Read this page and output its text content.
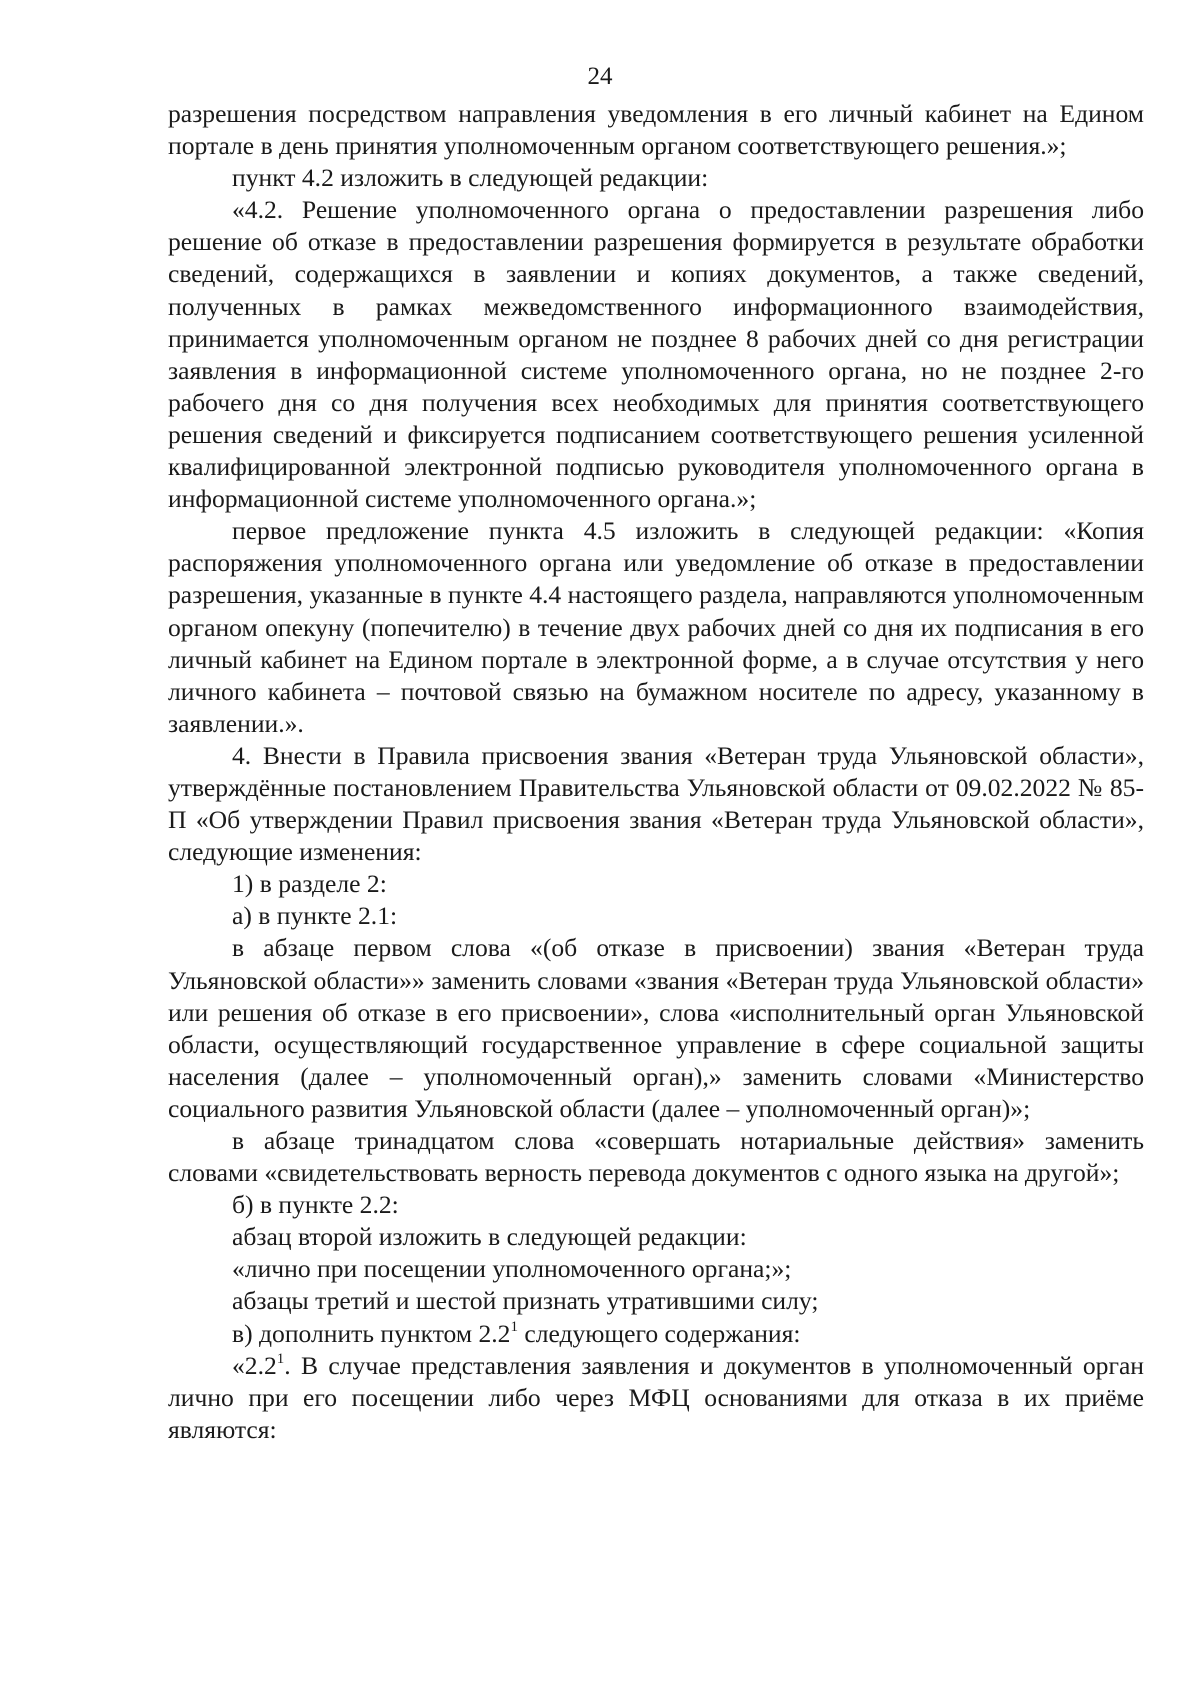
24

разрешения посредством направления уведомления в его личный кабинет на Едином портале в день принятия уполномоченным органом соответствующего решения.»;

пункт 4.2 изложить в следующей редакции:

«4.2. Решение уполномоченного органа о предоставлении разрешения либо решение об отказе в предоставлении разрешения формируется в результате обработки сведений, содержащихся в заявлении и копиях документов, а также сведений, полученных в рамках межведомственного информационного взаимодействия, принимается уполномоченным органом не позднее 8 рабочих дней со дня регистрации заявления в информационной системе уполномоченного органа, но не позднее 2-го рабочего дня со дня получения всех необходимых для принятия соответствующего решения сведений и фиксируется подписанием соответствующего решения усиленной квалифицированной электронной подписью руководителя уполномоченного органа в информационной системе уполномоченного органа.»;

первое предложение пункта 4.5 изложить в следующей редакции: «Копия распоряжения уполномоченного органа или уведомление об отказе в предоставлении разрешения, указанные в пункте 4.4 настоящего раздела, направляются уполномоченным органом опекуну (попечителю) в течение двух рабочих дней со дня их подписания в его личный кабинет на Едином портале в электронной форме, а в случае отсутствия у него личного кабинета – почтовой связью на бумажном носителе по адресу, указанному в заявлении.».

4. Внести в Правила присвоения звания «Ветеран труда Ульяновской области», утверждённые постановлением Правительства Ульяновской области от 09.02.2022 № 85-П «Об утверждении Правил присвоения звания «Ветеран труда Ульяновской области», следующие изменения:

1) в разделе 2:

а) в пункте 2.1:

в абзаце первом слова «(об отказе в присвоении) звания «Ветеран труда Ульяновской области»» заменить словами «звания «Ветеран труда Ульяновской области» или решения об отказе в его присвоении», слова «исполнительный орган Ульяновской области, осуществляющий государственное управление в сфере социальной защиты населения (далее – уполномоченный орган),» заменить словами «Министерство социального развития Ульяновской области (далее – уполномоченный орган)»;

в абзаце тринадцатом слова «совершать нотариальные действия» заменить словами «свидетельствовать верность перевода документов с одного языка на другой»;

б) в пункте 2.2:

абзац второй изложить в следующей редакции:

«лично при посещении уполномоченного органа;»;

абзацы третий и шестой признать утратившими силу;

в) дополнить пунктом $2.2^1$ следующего содержания:

«$2.2^1$. В случае представления заявления и документов в уполномоченный орган лично при его посещении либо через МФЦ основаниями для отказа в их приёме являются:
